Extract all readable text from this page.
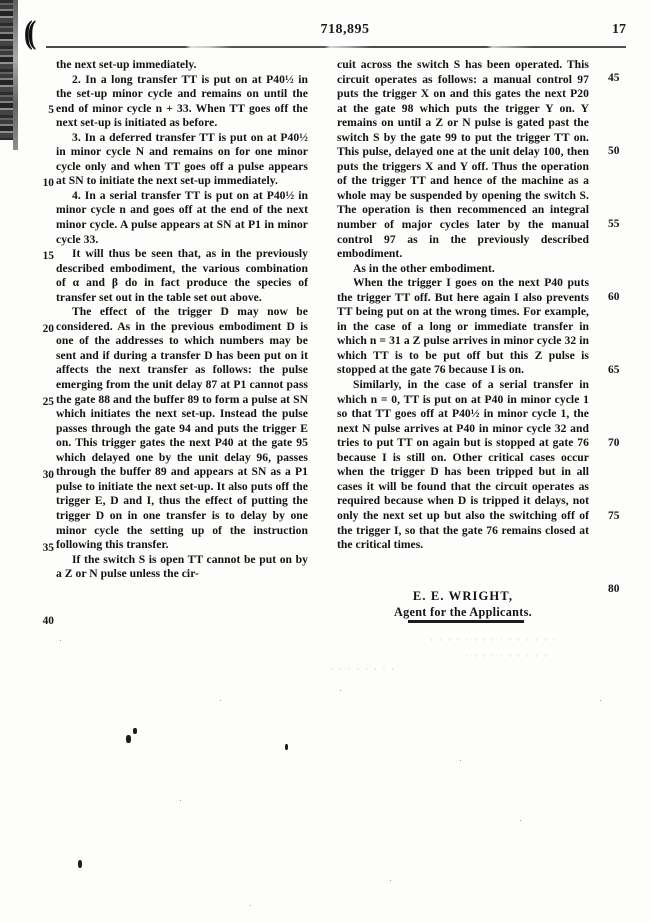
((	718,895	17
5
10
15
20
25
30
35
40
45
50
55
60
65
70
75
80

the next set-up immediately.

2. In a long transfer TT is put on at P40½ in the set-up minor cycle and remains on until the end of minor cycle n + 33. When TT goes off the next set-up is initiated as before.

3. In a deferred transfer TT is put on at P40½ in minor cycle N and remains on for one minor cycle only and when TT goes off a pulse appears at SN to initiate the next set-up immediately.

4. In a serial transfer TT is put on at P40½ in minor cycle n and goes off at the end of the next minor cycle. A pulse appears at SN at P1 in minor cycle 33.

It will thus be seen that, as in the previously described embodiment, the various combination of α and β do in fact produce the species of transfer set out in the table set out above.

The effect of the trigger D may now be considered. As in the previous embodiment D is one of the addresses to which numbers may be sent and if during a transfer D has been put on it affects the next transfer as follows: the pulse emerging from the unit delay 87 at P1 cannot pass the gate 88 and the buffer 89 to form a pulse at SN which initiates the next set-up. Instead the pulse passes through the gate 94 and puts the trigger E on. This trigger gates the next P40 at the gate 95 which delayed one by the unit delay 96, passes through the buffer 89 and appears at SN as a P1 pulse to initiate the next set-up. It also puts off the trigger E, D and I, thus the effect of putting the trigger D on in one transfer is to delay by one minor cycle the setting up of the instruction following this transfer.

If the switch S is open TT cannot be put on by a Z or N pulse unless the cir-

cuit across the switch S has been operated. This circuit operates as follows: a manual control 97 puts the trigger X on and this gates the next P20 at the gate 98 which puts the trigger Y on. Y remains on until a Z or N pulse is gated past the switch S by the gate 99 to put the trigger TT on. This pulse, delayed one at the unit delay 100, then puts the triggers X and Y off. Thus the operation of the trigger TT and hence of the machine as a whole may be suspended by opening the switch S. The operation is then recommenced an integral number of major cycles later by the manual control 97 as in the previously described embodiment.

As in the other embodiment.

When the trigger I goes on the next P40 puts the trigger TT off. But here again I also prevents TT being put on at the wrong times. For example, in the case of a long or immediate transfer in which n = 31 a Z pulse arrives in minor cycle 32 in which TT is to be put off but this Z pulse is stopped at the gate 76 because I is on.

Similarly, in the case of a serial transfer in which n = 0, TT is put on at P40 in minor cycle 1 so that TT goes off at P40½ in minor cycle 1, the next N pulse arrives at P40 in minor cycle 32 and tries to put TT on again but is stopped at gate 76 because I is still on. Other critical cases occur when the trigger D has been tripped but in all cases it will be found that the circuit operates as required because when D is tripped it delays, not only the next set up but also the switching off of the trigger I, so that the gate 76 remains closed at the critical times.

E. E. WRIGHT,
Agent for the Applicants.
· · · · · · · · · · · · · · ·
· · · · · · · · · ·
· · · · · · · ·
